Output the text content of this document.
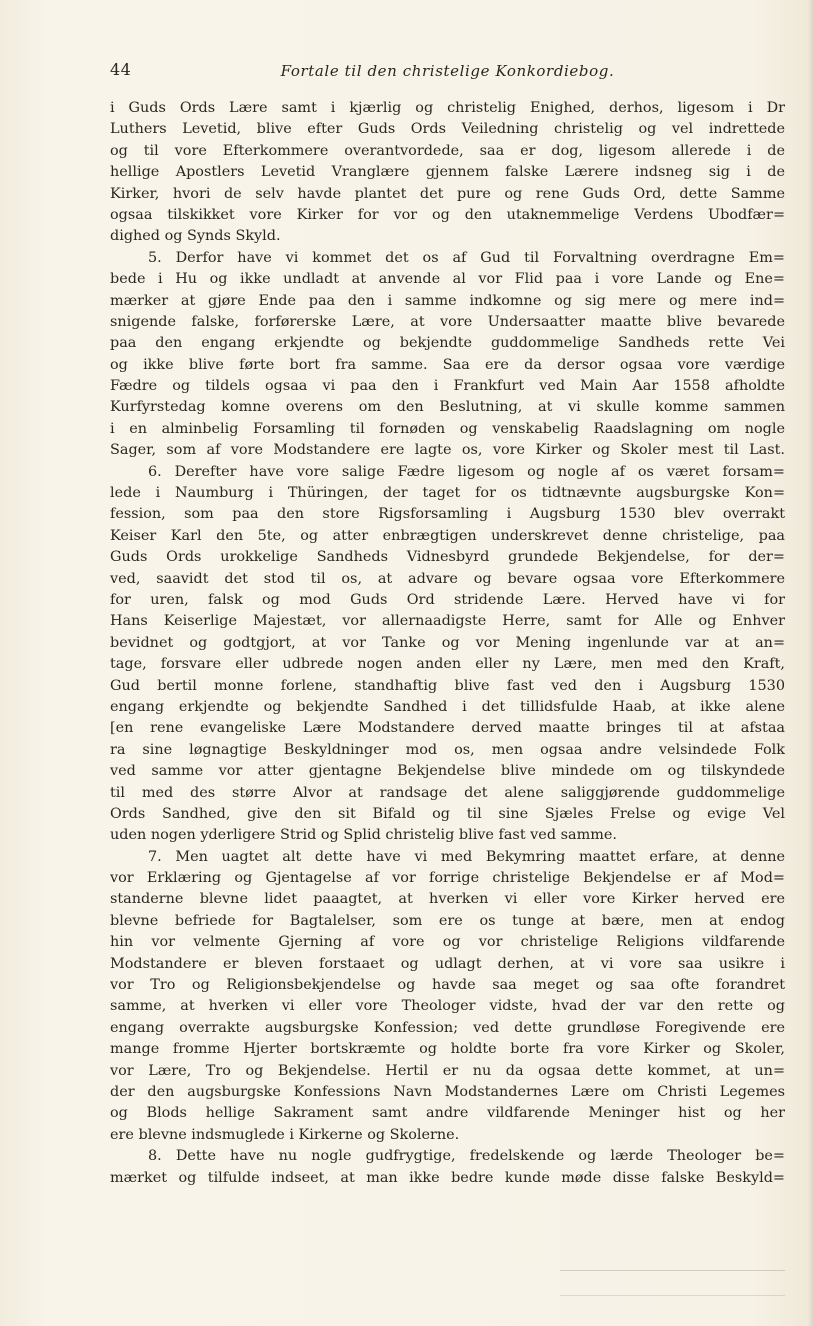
44	Fortale til den christelige Konkordiebog.
i Guds Ords Lære samt i kjærlig og christelig Enighed, derhos, ligesom i Dr
Luthers Levetid, blive efter Guds Ords Veiledning christelig og vel indrettede
og til vore Efterkommere overantvordede, saa er dog, ligesom allerede i de
hellige Apostlers Levetid Vranglære gjennem falske Lærere indsneg sig i de
Kirker, hvori de selv havde plantet det pure og rene Guds Ord, dette Samme
ogsaa tilskikket vore Kirker for vor og den utaknemmelige Verdens Ubodfær=
dighed og Synds Skyld.
5. Derfor have vi kommet det os af Gud til Forvaltning overdragne Em=
bede i Hu og ikke undladt at anvende al vor Flid paa i vore Lande og Ene=
mærker at gjøre Ende paa den i samme indkomne og sig mere og mere ind=
snigende falske, forførerske Lære, at vore Undersaatter maatte blive bevarede
paa den engang erkjendte og bekjendte guddommelige Sandheds rette Vei
og ikke blive førte bort fra samme. Saa ere da dersor ogsaa vore værdige
Fædre og tildels ogsaa vi paa den i Frankfurt ved Main Aar 1558 afholdte
Kurfyrstedag komne overens om den Beslutning, at vi skulle komme sammen
i en alminbelig Forsamling til fornøden og venskabelig Raadslagning om nogle
Sager, som af vore Modstandere ere lagte os, vore Kirker og Skoler mest til Last.
6. Derefter have vore salige Fædre ligesom og nogle af os været forsam=
lede i Naumburg i Thüringen, der taget for os tidtnævnte augsburgske Kon=
fession, som paa den store Rigsforsamling i Augsburg 1530 blev overrakt
Keiser Karl den 5te, og atter enbrægtigen underskrevet denne christelige, paa
Guds Ords urokkelige Sandheds Vidnesbyrd grundede Bekjendelse, for der=
ved, saavidt det stod til os, at advare og bevare ogsaa vore Efterkommere
for uren, falsk og mod Guds Ord stridende Lære. Herved have vi for
Hans Keiserlige Majestæt, vor allernaadigste Herre, samt for Alle og Enhver
bevidnet og godtgjort, at vor Tanke og vor Mening ingenlunde var at an=
tage, forsvare eller udbrede nogen anden eller ny Lære, men med den Kraft,
Gud bertil monne forlene, standhaftig blive fast ved den i Augsburg 1530
engang erkjendte og bekjendte Sandhed i det tillidsfulde Haab, at ikke alene
[en rene evangeliske Lære Modstandere derved maatte bringes til at afstaa
ra sine løgnagtige Beskyldninger mod os, men ogsaa andre velsindede Folk
ved samme vor atter gjentagne Bekjendelse blive mindede om og tilskyndede
til med des større Alvor at randsage det alene saliggjørende guddommelige
Ords Sandhed, give den sit Bifald og til sine Sjæles Frelse og evige Vel
uden nogen yderligere Strid og Splid christelig blive fast ved samme.
7. Men uagtet alt dette have vi med Bekymring maattet erfare, at denne
vor Erklæring og Gjentagelse af vor forrige christelige Bekjendelse er af Mod=
standerne blevne lidet paaagtet, at hverken vi eller vore Kirker herved ere
blevne befriede for Bagtalelser, som ere os tunge at bære, men at endog
hin vor velmente Gjerning af vore og vor christelige Religions vildfarende
Modstandere er bleven forstaaet og udlagt derhen, at vi vore saa usikre i
vor Tro og Religionsbekjendelse og havde saa meget og saa ofte forandret
samme, at hverken vi eller vore Theologer vidste, hvad der var den rette og
engang overrakte augsburgske Konfession; ved dette grundløse Foregivende ere
mange fromme Hjerter bortskræmte og holdte borte fra vore Kirker og Skoler,
vor Lære, Tro og Bekjendelse. Hertil er nu da ogsaa dette kommet, at un=
der den augsburgske Konfessions Navn Modstandernes Lære om Christi Legemes
og Blods hellige Sakrament samt andre vildfarende Meninger hist og her
ere blevne indsmuglede i Kirkerne og Skolerne.
8. Dette have nu nogle gudfrygtige, fredelskende og lærde Theologer be=
mærket og tilfulde indseet, at man ikke bedre kunde møde disse falske Beskyld=
